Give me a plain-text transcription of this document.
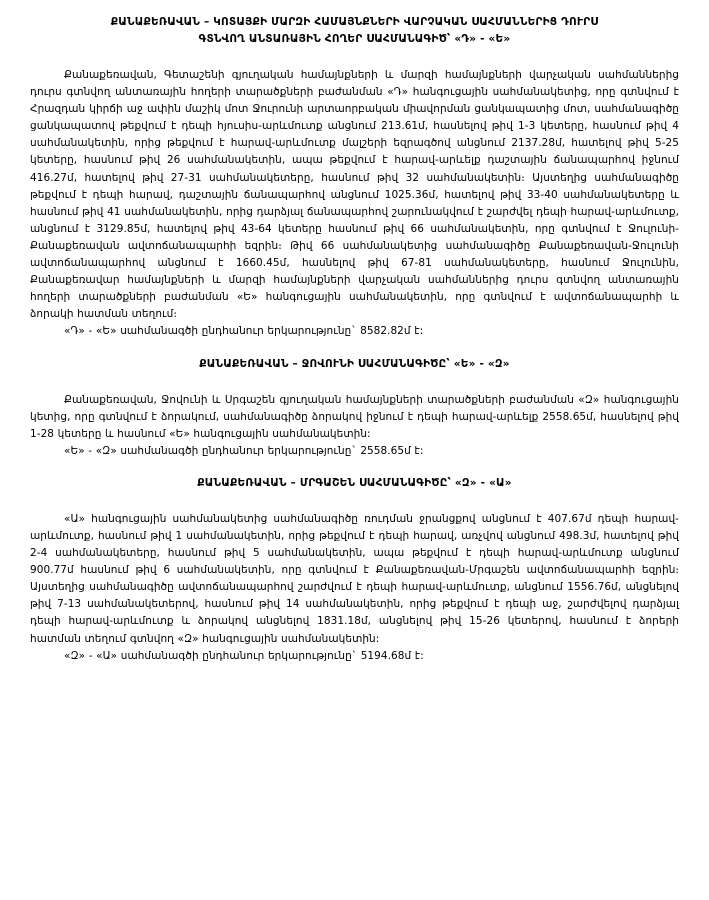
ՔԱՆԱՔԵՌԱՎԱՆ – ԿՈՏԱՅՔԻ ՄԱՐԶԻ ՀԱՄԱՅՆՔՆԵՐԻ ՎԱՐՉԱԿԱՆ ՍԱՀՄԱՆՆԵՐԻՑ ԴՈՒՐՍ
ԳՏՆՎՈՂ ԱՆՏԱՌԱՅԻՆ ՀՈՂԵՐ ՍԱՀՄԱՆԱԳԻԾ՝ «Դ» - «Ե»

Քանաքեռավան, Գետաշենի գյուղական համայնքների և մարզի համայնքների վարչական սահմաններից դուրս գտնվող անտառային հողերի տարածքների բաժանման «Դ» հանգուցային սահմանակետից, որը գտնվում է Հրազդան կիրճի աջ ափին մաշիկ մոտ Ջուրունի արտաորբական միավորման ցանկապատից մոտ, սահմանագիծը ցանկապատով թեքվում է դեպի հյուսիս-արևմուտք անցնում 213.61մ, հասնելով թիվ 1-3 կետերը, հասնում թիվ 4 սահմանակետին, որից թեքվում է հարավ-արևմուտք մալշերի եզրագծով անցնում 2137.28մ, հատելով թիվ 5-25 կետերը, հասնում թիվ 26 սահմանակետին, ապա թեքվում է հարավ-արևելք դաշտային ճանապարհով իջնում 416.27մ, հատելով թիվ 27-31 սահմանակետերը, հասնում թիվ 32 սահմանակետին։ Այստեղից սահմանագիծը թեքվում է դեպի հարավ, դաշտային ճանապարհով անցնում 1025.36մ, հատելով թիվ 33-40 սահմանակետերը և հասնում թիվ 41 սահմանակետին, որից դարձյալ ճանապարհով շարունակվում է շարժվել դեպի հարավ-արևմուտք, անցնում է 3129.85մ, հատելով թիվ 43-64 կետերը հասնում թիվ 66 սահմանակետին, որը գտնվում է Ջուլունի-Քանաքեռավան ավտոճանապարհի եզրին։ Թիվ 66 սահմանակետից սահմանագիծը Քանաքեռավան-Ջուլունի ավտոճանապարհով անցնում է 1660.45մ, հասնելով թիվ 67-81 սահմանակետերը, հասնում Ջուլունին, Քանաքեռավար համայնքների և մարզի համայնքների վարչական սահմաններից դուրս գտնվող անտառային հողերի տարածքների բաժանման «Ե» հանգուցային սահմանակետին, որը գտնվում է ավտոճանապարհի և ձորակի հատման տեղում։

«Դ» - «Ե» սահմանագծի ընդհանուր երկարությունը` 8582.82մ է:

ՔԱՆԱՔԵՌԱՎԱՆ – ՋՈՎՈՒՆԻ ՍԱՀՄԱՆԱԳԻԾԸ՝ «Ե» - «Զ»

Քանաքեռավան, Ջովունի և Սրգաշեն գյուղական համայնքների տարածքների բաժանման «Զ» հանգուցային կետից, որը գտնվում է ձորակում, սահմանագիծը ձորակով իջնում է դեպի հարավ-արևելք 2558.65մ, հասնելով թիվ 1-28 կետերը և հասնում «Ե» հանգուցային սահմանակետին:

«Ե» - «Զ» սահմանագծի ընդհանուր երկարությունը` 2558.65մ է:

ՔԱՆԱՔԵՌԱՎԱՆ – ՄՐԳԱՇԵՆ ՍԱՀՄԱՆԱԳԻԾԸ՝ «Զ» - «Ա»

«Ա» հանգուցային սահմանակետից սահմանագիծը ռուդման ջրանցքով անցնում է 407.67մ դեպի հարավ-արևմուտք, հասնում թիվ 1 սահմանակետին, որից թեքվում է դեպի հարավ, առչվով անցնում 498.3մ, հատելով թիվ 2-4 սահմանակետերը, հասնում թիվ 5 սահմանակետին, ապա թեքվում է դեպի հարավ-արևմուտք անցնում 900.77մ հասնում թիվ 6 սահմանակետին, որը գտնվում է Քանաքեռավան-Մրգաշեն ավտոճանապարհի եզրին։ Այստեղից սահմանագիծը ավտոճանապարհով շարժվում է դեպի հարավ-արևմուտք, անցնում 1556.76մ, անցնելով թիվ 7-13 սահմանակետերով, հասնում թիվ 14 սահմանակետին, որից թեքվում է դեպի աջ, շարժվելով դարձյալ դեպի հարավ-արևմուտք և ձորակով անցնելով 1831.18մ, անցնելով թիվ 15-26 կետերով, հասնում է ձորերի հատման տեղում գտնվող «Զ» հանգուցային սահմանակետին:

«Զ» - «Ա» սահմանագծի ընդհանուր երկարությունը` 5194.68մ է:
